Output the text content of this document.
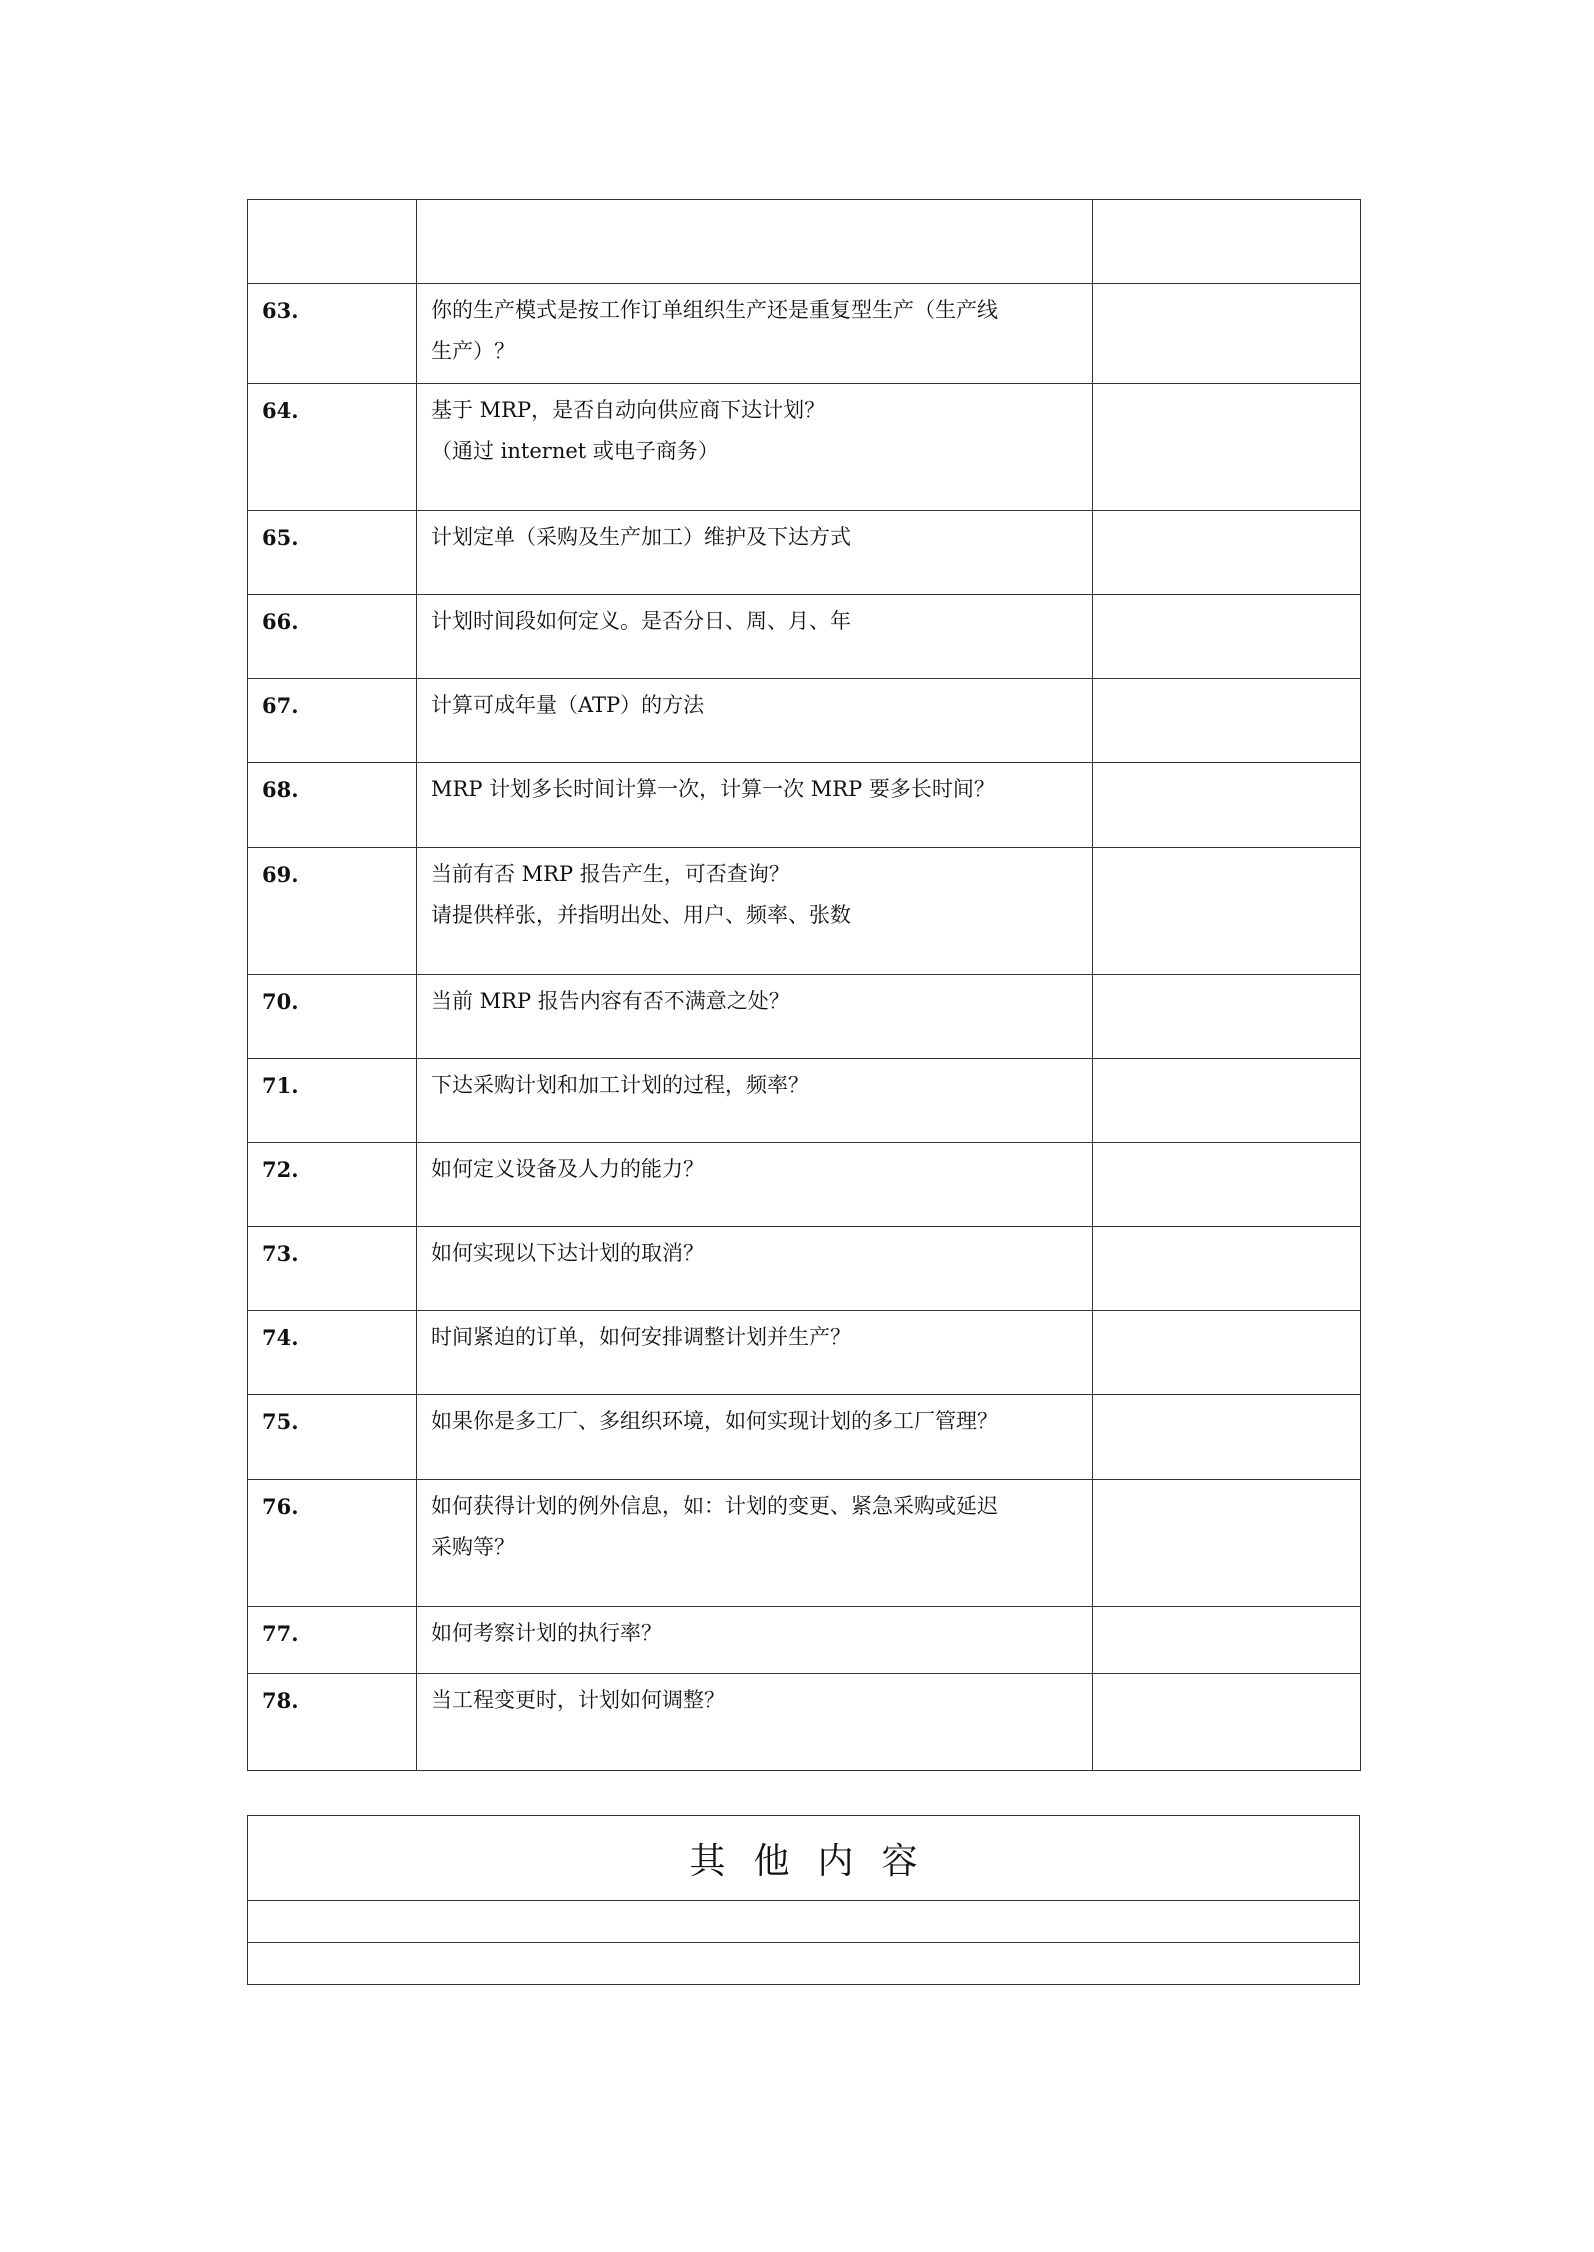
63.	你的生产模式是按工作订单组织生产还是重复型生产（生产线
生产）？	

64.	基于 MRP，是否自动向供应商下达计划？
（通过 internet 或电子商务）	

65.	计划定单（采购及生产加工）维护及下达方式	

66.	计划时间段如何定义。是否分日、周、月、年	

67.	计算可成年量（ATP）的方法	

68.	MRP 计划多长时间计算一次，计算一次 MRP 要多长时间？	

69.	当前有否 MRP 报告产生，可否查询？
请提供样张，并指明出处、用户、频率、张数	

70.	当前 MRP 报告内容有否不满意之处？	

71.	下达采购计划和加工计划的过程，频率？	

72.	如何定义设备及人力的能力？	

73.	如何实现以下达计划的取消？	

74.	时间紧迫的订单，如何安排调整计划并生产？	

75.	如果你是多工厂、多组织环境，如何实现计划的多工厂管理？	

76.	如何获得计划的例外信息，如：计划的变更、紧急采购或延迟
采购等？	

77.	如何考察计划的执行率？	

78.	当工程变更时，计划如何调整？	

其他内容
